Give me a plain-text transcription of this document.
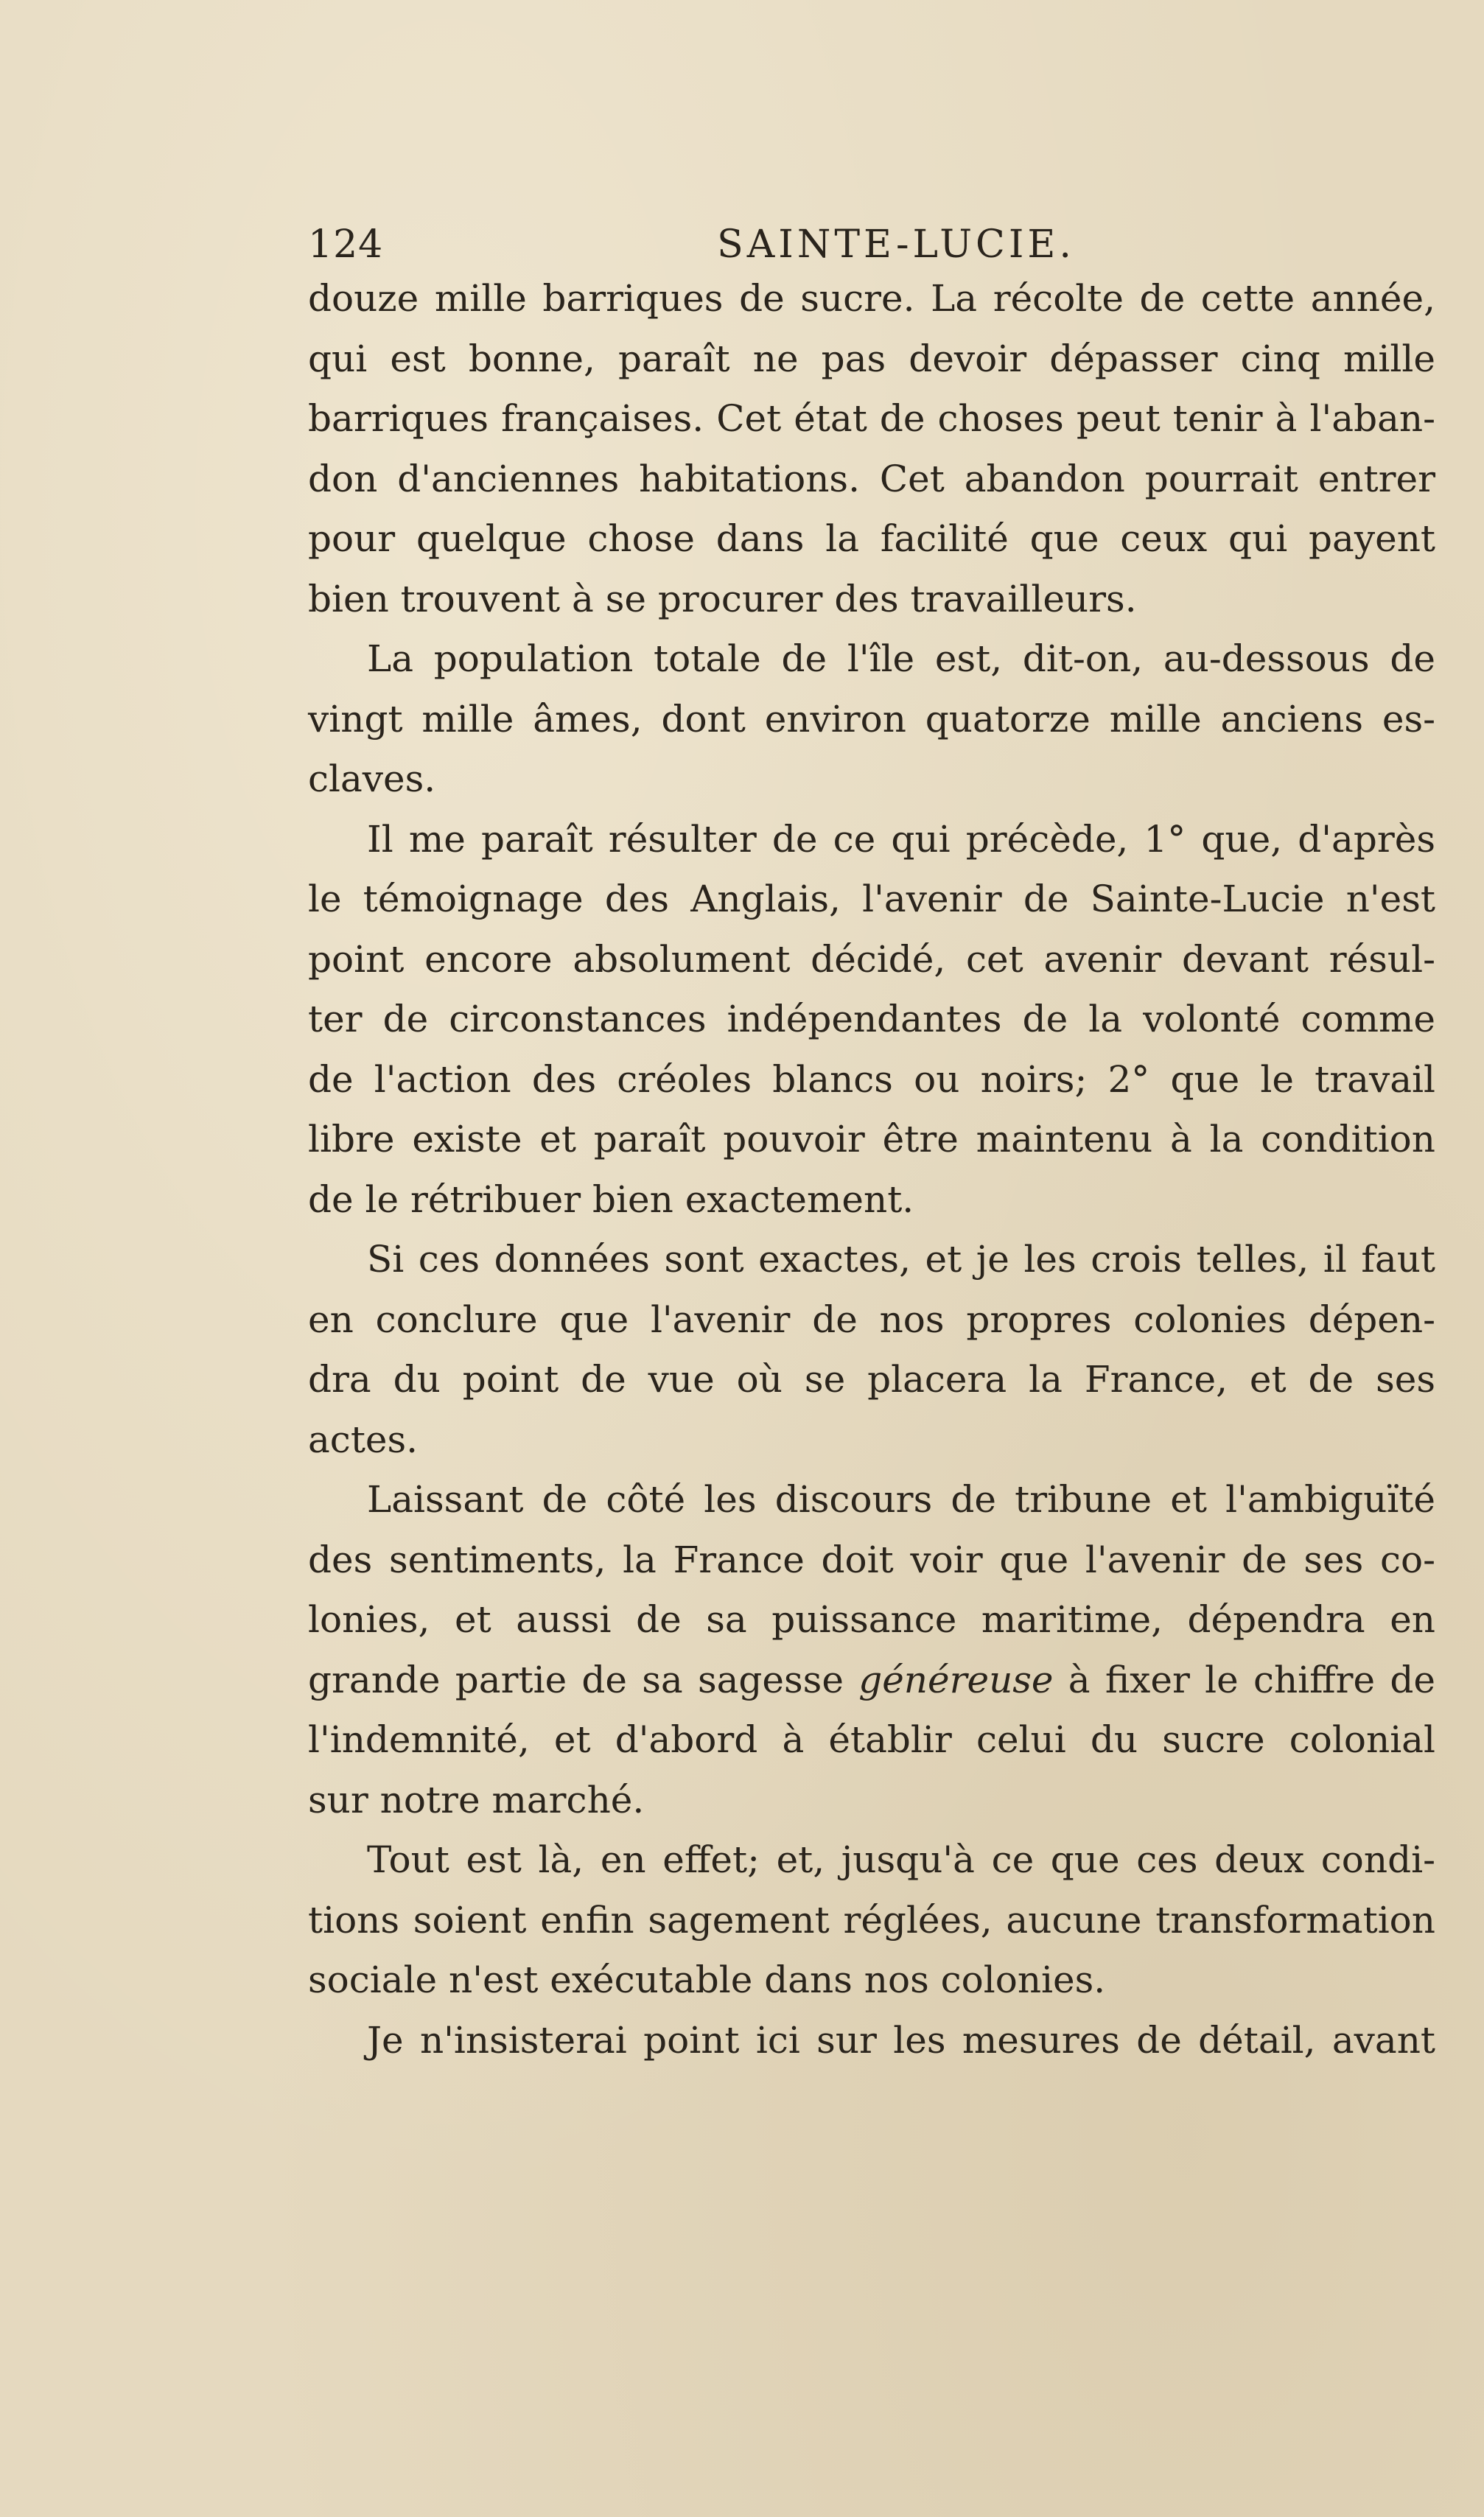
124	SAINTE-LUCIE.
douze mille barriques de sucre. La récolte de cette année,
qui est bonne, paraît ne pas devoir dépasser cinq mille
barriques françaises. Cet état de choses peut tenir à l'aban-
don d'anciennes habitations. Cet abandon pourrait entrer
pour quelque chose dans la facilité que ceux qui payent
bien trouvent à se procurer des travailleurs.
La population totale de l'île est, dit-on, au-dessous de
vingt mille âmes, dont environ quatorze mille anciens es-
claves.
Il me paraît résulter de ce qui précède, 1° que, d'après
le témoignage des Anglais, l'avenir de Sainte-Lucie n'est
point encore absolument décidé, cet avenir devant résul-
ter de circonstances indépendantes de la volonté comme
de l'action des créoles blancs ou noirs; 2° que le travail
libre existe et paraît pouvoir être maintenu à la condition
de le rétribuer bien exactement.
Si ces données sont exactes, et je les crois telles, il faut
en conclure que l'avenir de nos propres colonies dépen-
dra du point de vue où se placera la France, et de ses
actes.
Laissant de côté les discours de tribune et l'ambiguïté
des sentiments, la France doit voir que l'avenir de ses co-
lonies, et aussi de sa puissance maritime, dépendra en
grande partie de sa sagesse généreuse à fixer le chiffre de
l'indemnité, et d'abord à établir celui du sucre colonial
sur notre marché.
Tout est là, en effet; et, jusqu'à ce que ces deux condi-
tions soient enfin sagement réglées, aucune transformation
sociale n'est exécutable dans nos colonies.
Je n'insisterai point ici sur les mesures de détail, avant
